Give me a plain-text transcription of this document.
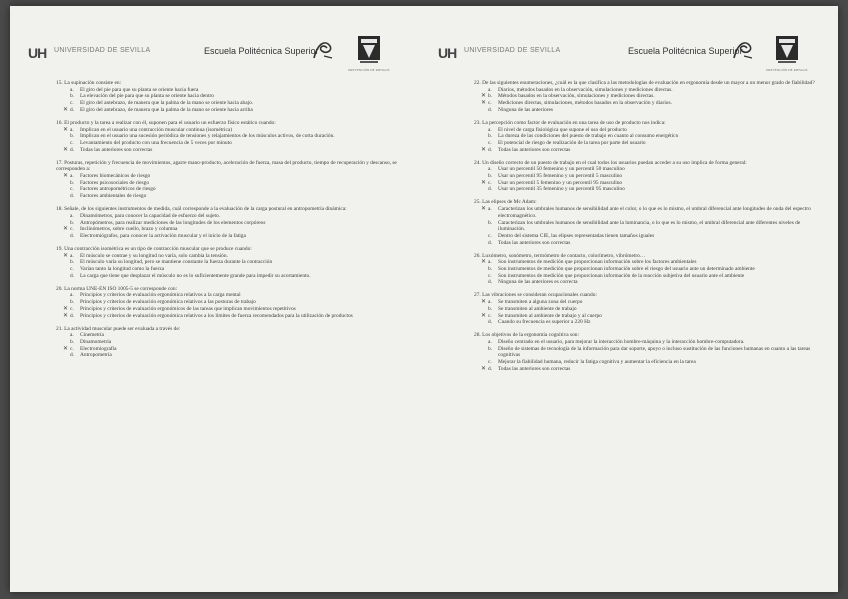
UH UNIVERSIDAD DE SEVILLA	Escuela Politécnica Superior
PREVENCIÓN DE RIESGOS
15. La supinación consiste en:
a. El giro del pie para que su planta se oriente hacia fuera
b. La elevación del pie para que su planta se oriente hacia dentro
c. El giro del antebrazo, de manera que la palma de la mano se oriente hacia abajo.
✕ d. El giro del antebrazo, de manera que la palma de la mano se oriente hacia arriba
16. El producto y la tarea a realizar con él, suponen para el usuario un esfuerzo físico estático cuando:
✕ a. Implican en el usuario una contracción muscular continua (isométrica)
b. Implican en el usuario una sucesión periódica de tensiones y relajamientos de los músculos activos, de corta duración.
c. Levantamiento del producto con una frecuencia de 5 veces por minuto
✕ d. Todas las anteriores son correctas
17. Posturas, repetición y frecuencia de movimientos, agarre mano-producto, aceleración de fuerza, masa del producto, tiempo de recuperación y descanso, se corresponden a:
✕ a. Factores biomecánicos de riesgo
b. Factores psicosociales de riesgo
c. Factores antropométricos de riesgo
d. Factores ambientales de riesgo
18. Señale, de los siguientes instrumentos de medida, cuál corresponde a la evaluación de la carga postural en antropometría dinámica:
a. Dinamómetros, para conocer la capacidad de esfuerzo del sujeto.
b. Antropómetros, para realizar mediciones de las longitudes de los elementos corpóreos
✕ c. Inclinómetros, sobre cuello, brazo y columna
d. Electromiógrafos, para conocer la activación muscular y el inicio de la fatiga
19. Una contracción isométrica es un tipo de contracción muscular que se produce cuando:
✕ a. El músculo se contrae y su longitud no varía, solo cambia la tensión.
b. El músculo varía su longitud, pero se mantiene constante la fuerza durante la contracción
c. Varían tanto la longitud como la fuerza
d. La carga que tiene que desplazar el músculo no es lo suficientemente grande para impedir su acortamiento.
20. La norma UNE-EN ISO 1005-5 se corresponde con:
a. Principios y criterios de evaluación ergonómica relativos a la carga mental
b. Principios y criterios de evaluación ergonómica relativos a las posturas de trabajo
✕ c. Principios y criterios de evaluación ergonómicos de las tareas que implican movimientos repetitivos
✕ d. Principios y criterios de evaluación ergonómica relativos a los límites de fuerza recomendados para la utilización de productos
21. La actividad muscular puede ser evaluada a través de:
a. Cinemetría
b. Dinamometría
✕ c. Electromiografía
d. Antropometría
UH UNIVERSIDAD DE SEVILLA	Escuela Politécnica Superior
PREVENCIÓN DE RIESGOS
22. De las siguientes enumeraciones, ¿cuál es la que clasifica a las metodologías de evaluación en ergonomía desde un mayor a un menor grado de fiabilidad?
a. Diarios, métodos basados en la observación, simulaciones y mediciones directas.
✕ b. Métodos basados en la observación, simulaciones y mediciones directas.
✕ c. Mediciones directas, simulaciones, métodos basados en la observación y diarios.
d. Ninguna de las anteriores
23. La percepción como factor de evaluación en una tarea de uso de producto nos indica:
a. El nivel de carga fisiológica que supone el uso del producto
b. La dureza de las condiciones del puesto de trabajo en cuanto al consumo energético
c. El potencial de riesgo de realización de la tarea por parte del usuario
✕ d. Todas las anteriores son correctas
24. Un diseño correcto de un puesto de trabajo en el cual todos los usuarios puedan acceder a su uso implica de forma general:
a. Usar un percentil 50 femenino y un percentil 50 masculino
b. Usar un percentil 95 femenino y un percentil 5 masculino
✕ c. Usar un percentil 5 femenino y un percentil 95 masculino
d. Usar un percentil 35 femenino y un percentil 95 masculino
25. Las elipses de Mc Adam:
✕ a. Caracterizan los umbrales humanos de sensibilidad ante el color, o lo que es lo mismo, el umbral diferencial ante longitudes de onda del espectro electromagnético.
b. Caracterizan los umbrales humanos de sensibilidad ante la luminancia, o lo que es lo mismo, el umbral diferencial ante diferentes niveles de iluminación.
c. Dentro del sistema CIE, las elipses representadas tienen tamaños iguales
d. Todas las anteriores son correctas
26. Luxómetro, sonómetro, termómetro de contacto, colorímetro, vibrómetro…
✕ a. Son instrumentos de medición que proporcionan información sobre los factores ambientales
b. Son instrumentos de medición que proporcionan información sobre el riesgo del usuario ante un determinado ambiente
c. Son instrumentos de medición que proporcionan información de la reacción subjetiva del usuario ante el ambiente
d. Ninguna de las anteriores es correcta
27. Las vibraciones se consideran ocupacionales cuando:
✕ a. Se transmiten a alguna zona del cuerpo
b. Se transmiten al ambiente de trabajo
✕ c. Se transmiten al ambiente de trabajo y al cuerpo
d. Cuando su frecuencia es superior a 220 Hz
28. Los objetivos de la ergonomía cognitiva son:
a. Diseño centrado en el usuario, para mejorar la interacción hombre-máquina y la interacción hombre-computadora.
b. Diseño de sistemas de tecnología de la información para dar soporte, apoyo o incluso sustitución de las funciones humanas en cuanto a las tareas cognitivas
c. Mejorar la fiabilidad humana, reducir la fatiga cognitiva y aumentar la eficiencia en la tarea
✕ d. Todas las anteriores son correctas
